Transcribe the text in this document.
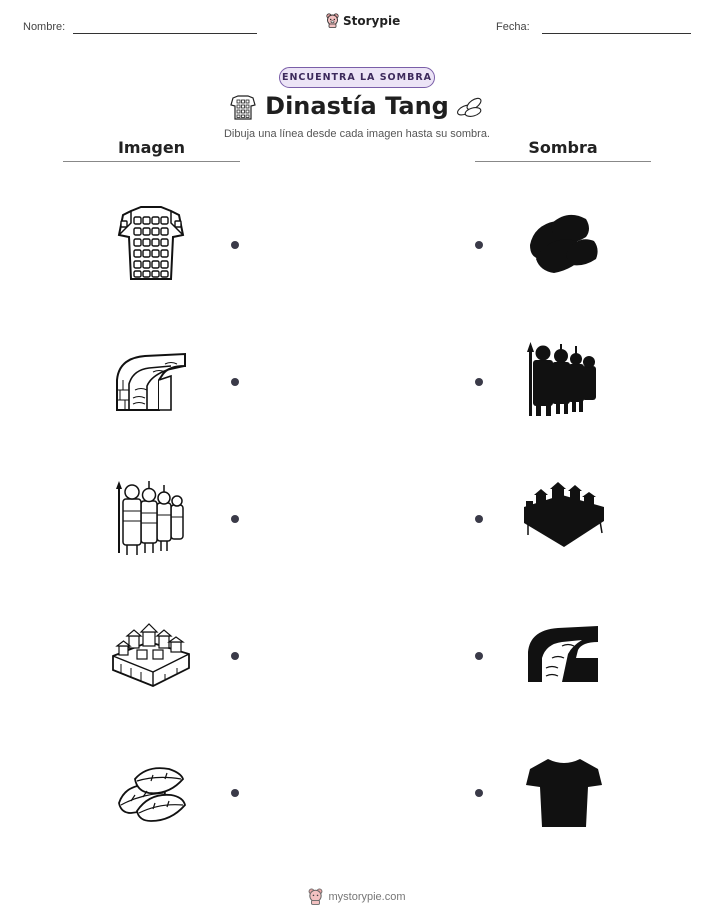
Nombre:	Storypie	Fecha:
ENCUENTRA LA SOMBRA
Dinastía Tang
Dibuja una línea desde cada imagen hasta su sombra.
Imagen	Sombra
mystorypie.com
